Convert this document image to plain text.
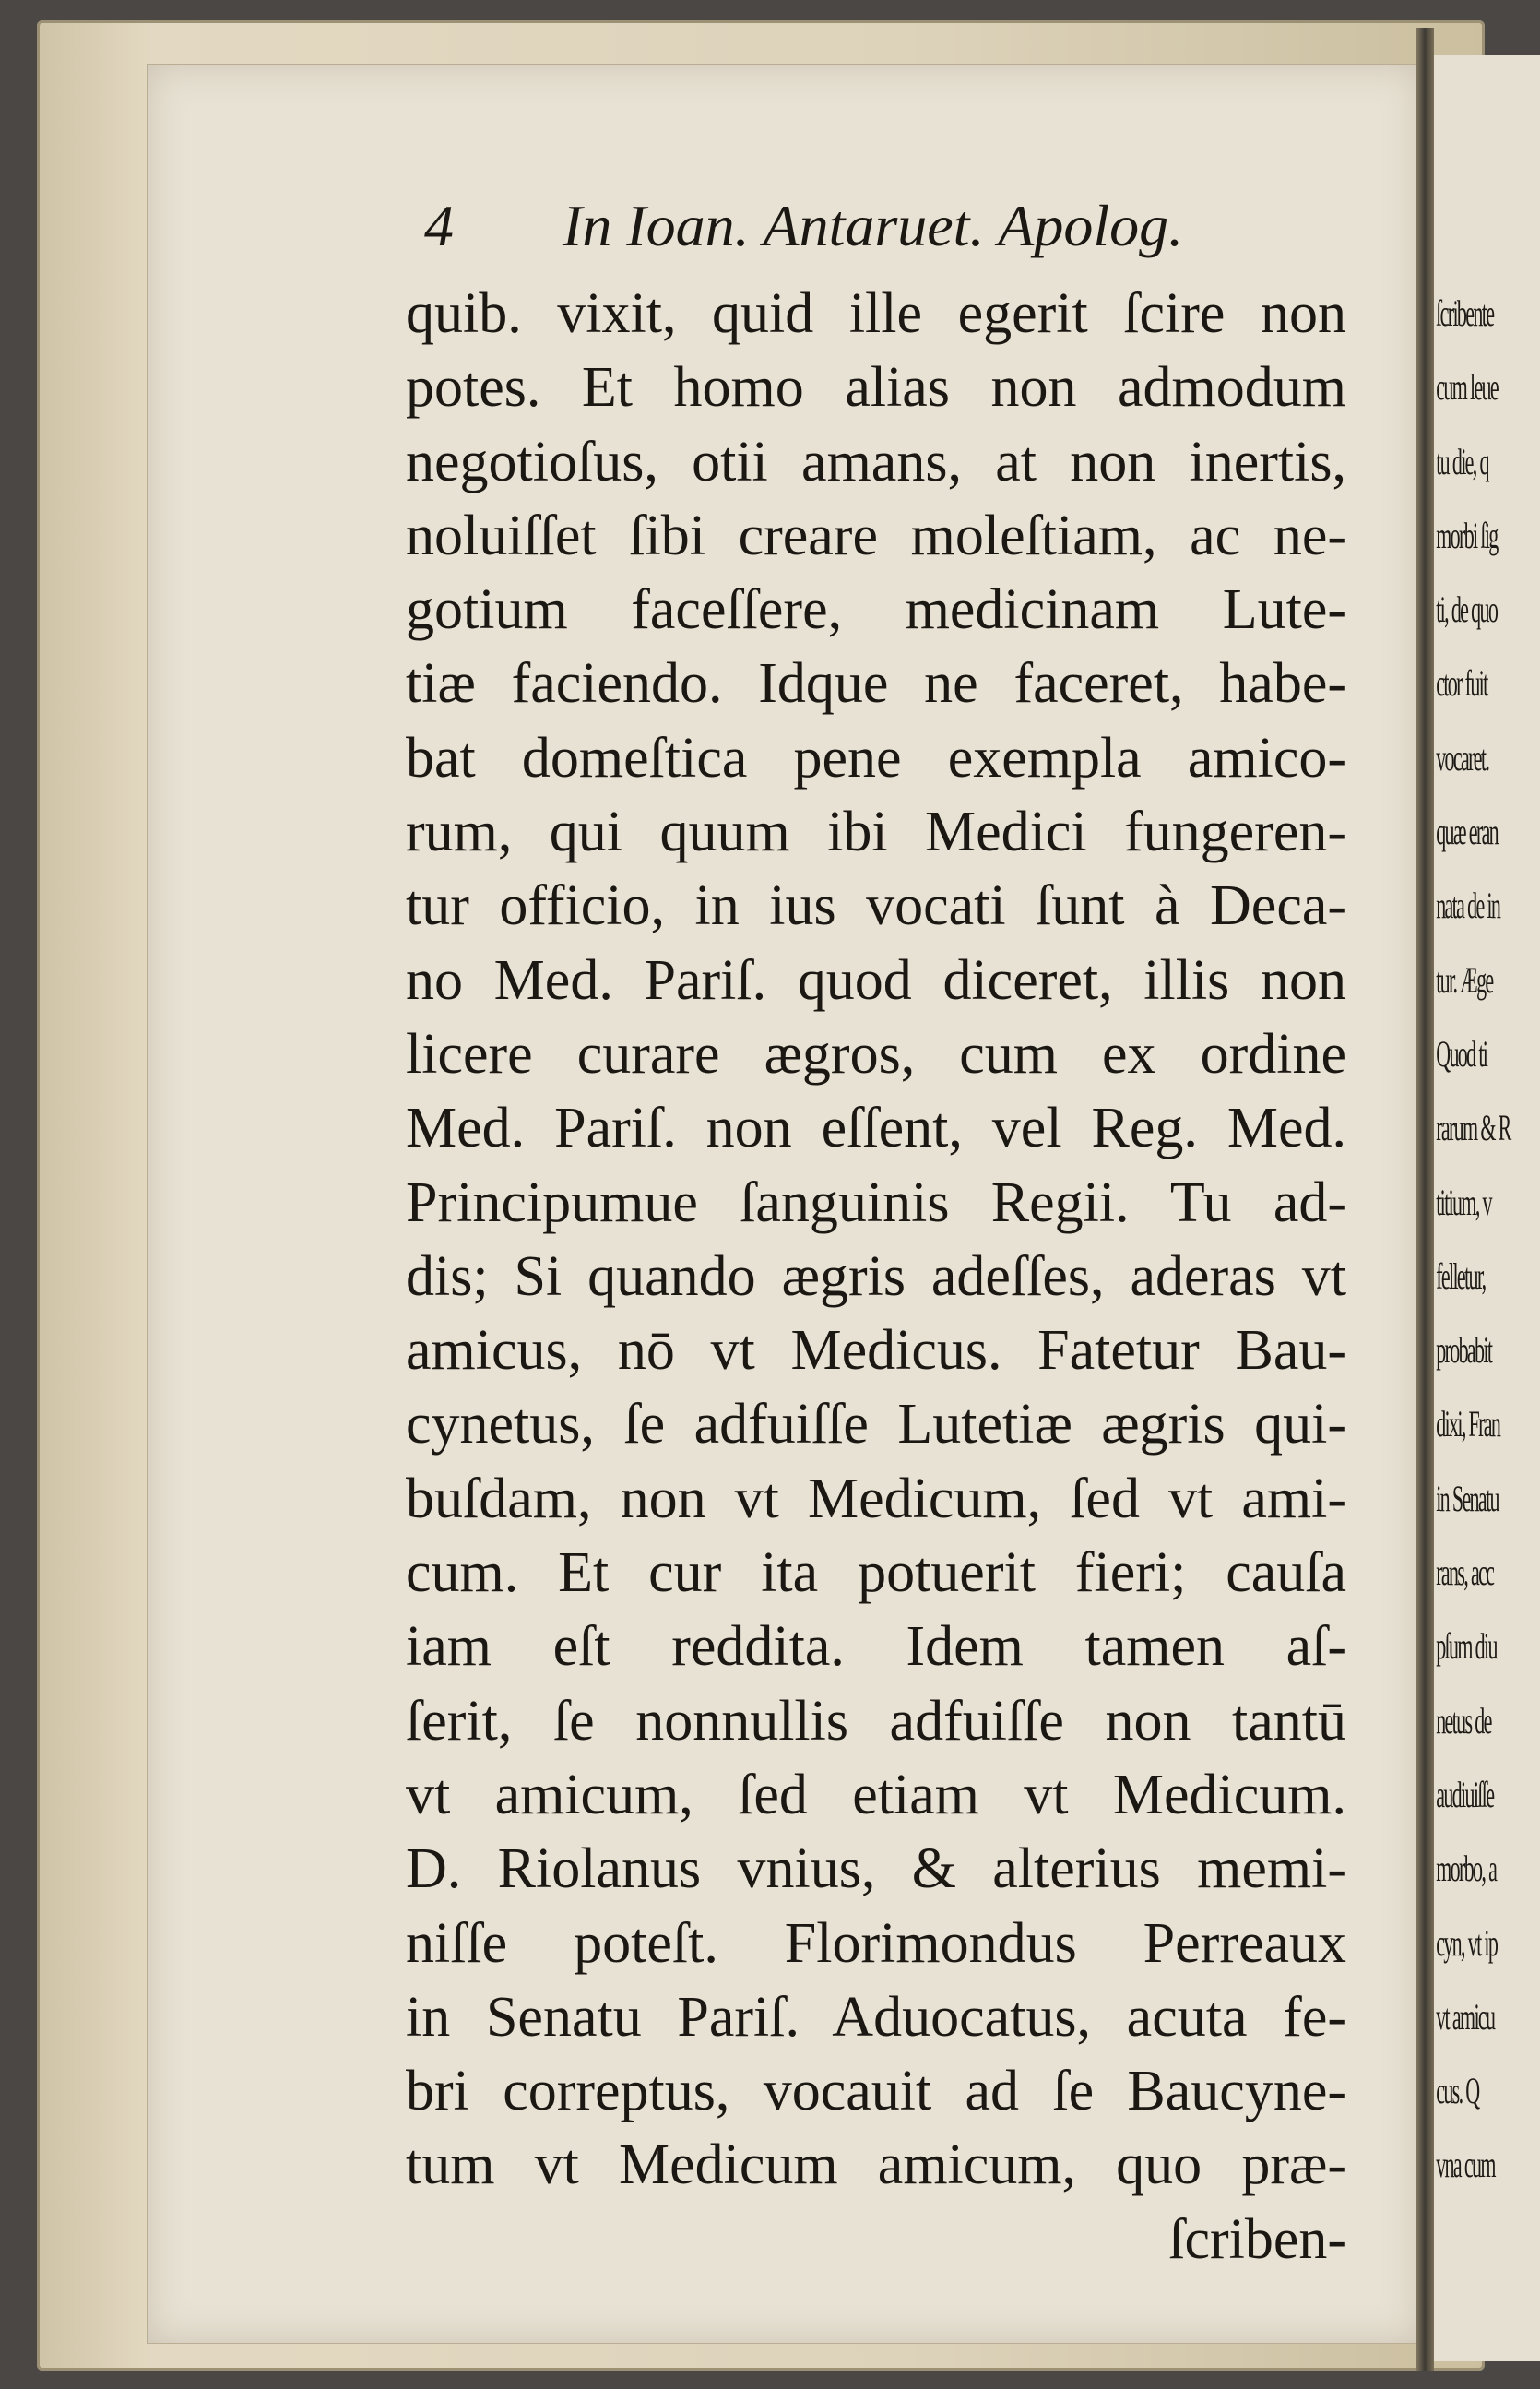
4 In Ioan. Antaruet. Apolog.
quib. vixit, quid ille egerit ſcire non
potes. Et homo alias non admodum
negotioſus, otii amans, at non inertis,
noluiſſet ſibi creare moleſtiam, ac ne-
gotium faceſſere, medicinam Lute-
tiæ faciendo. Idque ne faceret, habe-
bat domeſtica pene exempla amico-
rum, qui quum ibi Medici fungeren-
tur officio, in ius vocati ſunt à Deca-
no Med. Pariſ. quod diceret, illis non
licere curare ægros, cum ex ordine
Med. Pariſ. non eſſent, vel Reg. Med.
Principumue ſanguinis Regii. Tu ad-
dis; Si quando ægris adeſſes, aderas vt
amicus, nō vt Medicus. Fatetur Bau-
cynetus, ſe adfuiſſe Lutetiæ ægris qui-
buſdam, non vt Medicum, ſed vt ami-
cum. Et cur ita potuerit fieri; cauſa
iam eſt reddita. Idem tamen aſ-
ſerit, ſe nonnullis adfuiſſe non tantū
vt amicum, ſed etiam vt Medicum.
D. Riolanus vnius, & alterius memi-
niſſe poteſt. Florimondus Perreaux
in Senatu Pariſ. Aduocatus, acuta fe-
bri correptus, vocauit ad ſe Baucyne-
tum vt Medicum amicum, quo præ-
ſcriben-
ſcribente
cum leue
tu die, q
morbi ſig
ti, de quo
ctor fuit
vocaret.
quæ eran
nata de in
tur. Æge
Quod ti
rarum & R
titium, v
felletur,
probabit
dixi, Fran
in Senatu
rans, acc
pſum diu
netus de
audiuiſſe
morbo, a
cyn, vt ip
vt amicu
cus. Q
vna cum
